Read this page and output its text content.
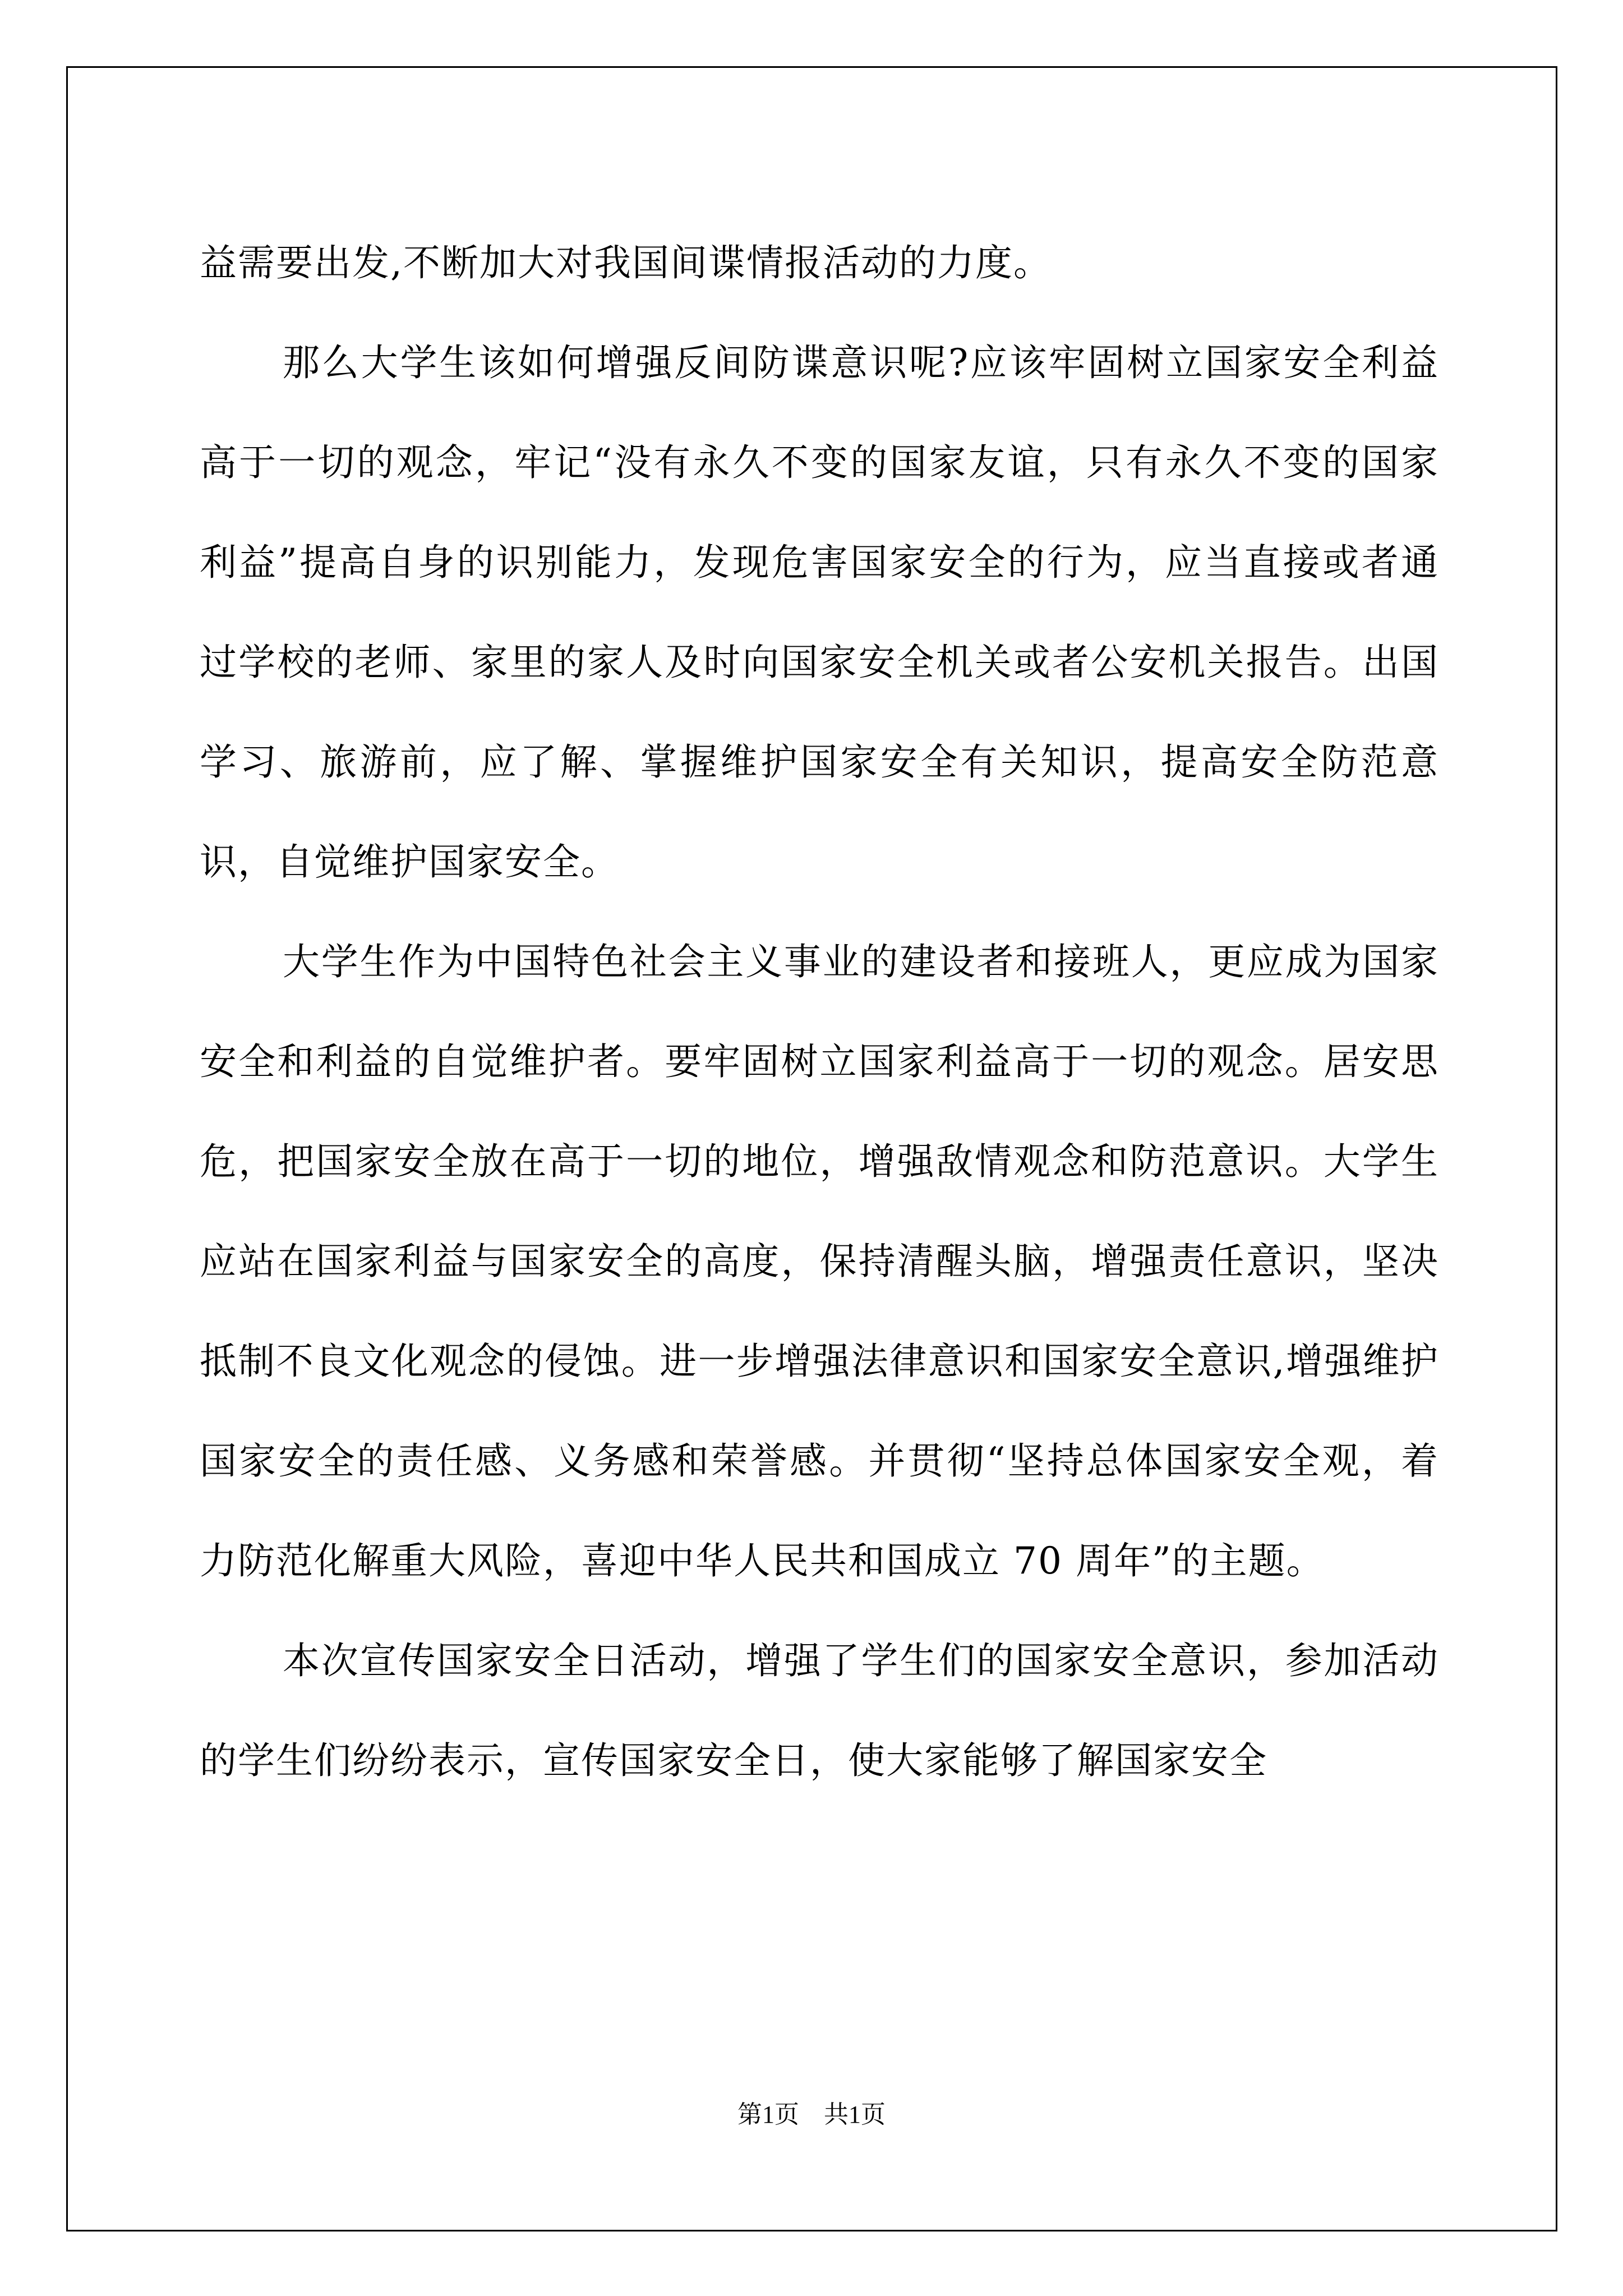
益需要出发,不断加大对我国间谍情报活动的力度。

那么大学生该如何增强反间防谍意识呢?应该牢固树立国家安全利益高于一切的观念，牢记“没有永久不变的国家友谊，只有永久不变的国家利益”提高自身的识别能力，发现危害国家安全的行为，应当直接或者通过学校的老师、家里的家人及时向国家安全机关或者公安机关报告。出国学习、旅游前，应了解、掌握维护国家安全有关知识，提高安全防范意识，自觉维护国家安全。

大学生作为中国特色社会主义事业的建设者和接班人，更应成为国家安全和利益的自觉维护者。要牢固树立国家利益高于一切的观念。居安思危，把国家安全放在高于一切的地位，增强敌情观念和防范意识。大学生应站在国家利益与国家安全的高度，保持清醒头脑，增强责任意识，坚决抵制不良文化观念的侵蚀。进一步增强法律意识和国家安全意识,增强维护国家安全的责任感、义务感和荣誉感。并贯彻“坚持总体国家安全观，着力防范化解重大风险，喜迎中华人民共和国成立 70 周年”的主题。

本次宣传国家安全日活动，增强了学生们的国家安全意识，参加活动的学生们纷纷表示，宣传国家安全日，使大家能够了解国家安全

第1页　共1页
